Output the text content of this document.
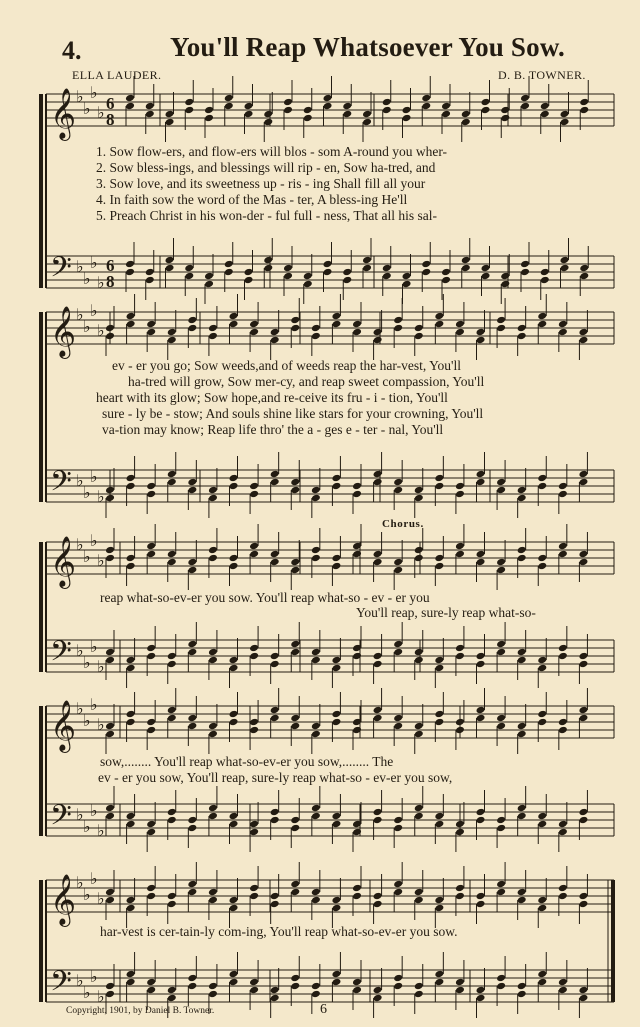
4.	You'll Reap Whatsoever You Sow.
ELLA LAUDER.	D. B. TOWNER.
𝄞 ♭
♭
♭
♭ 6
8
𝄢 ♭
♭
♭
♭
6
8
𝄞 ♭
♭
♭
♭
𝄢 ♭
♭
♭
♭
𝄞 ♭
♭
♭
♭
𝄢 ♭
♭
♭
♭
𝄞 ♭
♭
♭
♭
𝄢 ♭
♭
♭
♭
𝄞 ♭
♭
♭
♭
𝄢 ♭
♭
♭
♭
1. Sow flow-ers, and flow-ers will blos - som A-round you wher-
2. Sow bless-ings, and blessings will rip - en, Sow ha-tred, and
3. Sow love, and its sweetness up - ris - ing Shall fill all your
4. In faith sow the word of the Mas - ter, A bless-ing He'll
5. Preach Christ in his won-der - ful full - ness, That all his sal-
ev - er you go; Sow weeds,and of weeds reap the har-vest, You'll
ha-tred will grow, Sow mer-cy, and reap sweet compassion, You'll
heart with its glow; Sow hope,and re-ceive its fru - i - tion, You'll
sure - ly be - stow; And souls shine like stars for your crowning, You'll
va-tion may know; Reap life thro' the a - ges e - ter - nal, You'll
Chorus.
reap what-so-ev-er you sow. You'll reap what-so - ev - er you
You'll reap, sure-ly reap what-so-
sow,........ You'll reap what-so-ev-er you sow,........ The
ev - er you sow, You'll reap, sure-ly reap what-so - ev-er you sow,
har-vest is cer-tain-ly com-ing, You'll reap what-so-ev-er you sow.
Copyright, 1901, by Daniel B. Towner.	6
